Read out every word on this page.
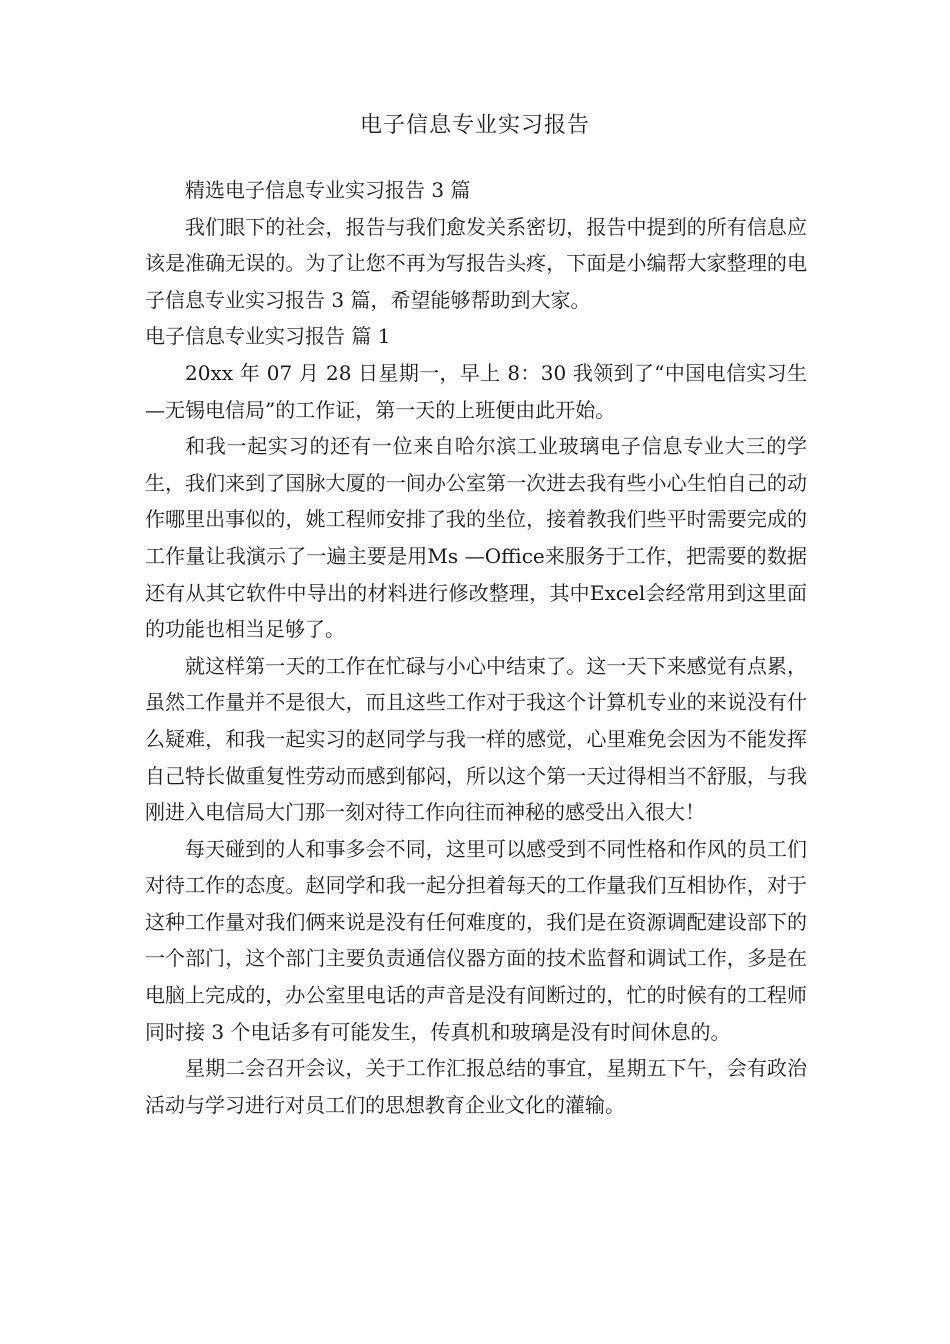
电子信息专业实习报告

精选电子信息专业实习报告 3 篇

我们眼下的社会，报告与我们愈发关系密切，报告中提到的所有信息应该是准确无误的。为了让您不再为写报告头疼，下面是小编帮大家整理的电子信息专业实习报告 3 篇，希望能够帮助到大家。

电子信息专业实习报告 篇 1

20xx 年 07 月 28 日星期一，早上 8：30 我领到了“中国电信实习生—无锡电信局”的工作证，第一天的上班便由此开始。

和我一起实习的还有一位来自哈尔滨工业玻璃电子信息专业大三的学生，我们来到了国脉大厦的一间办公室第一次进去我有些小心生怕自己的动作哪里出事似的，姚工程师安排了我的坐位，接着教我们些平时需要完成的工作量让我演示了一遍主要是用Ms —Office来服务于工作，把需要的数据还有从其它软件中导出的材料进行修改整理，其中Excel会经常用到这里面的功能也相当足够了。

就这样第一天的工作在忙碌与小心中结束了。这一天下来感觉有点累，虽然工作量并不是很大，而且这些工作对于我这个计算机专业的来说没有什么疑难，和我一起实习的赵同学与我一样的感觉，心里难免会因为不能发挥自己特长做重复性劳动而感到郁闷，所以这个第一天过得相当不舒服，与我刚进入电信局大门那一刻对待工作向往而神秘的感受出入很大！

每天碰到的人和事多会不同，这里可以感受到不同性格和作风的员工们对待工作的态度。赵同学和我一起分担着每天的工作量我们互相协作，对于这种工作量对我们俩来说是没有任何难度的，我们是在资源调配建设部下的一个部门，这个部门主要负责通信仪器方面的技术监督和调试工作，多是在电脑上完成的，办公室里电话的声音是没有间断过的，忙的时候有的工程师同时接 3 个电话多有可能发生，传真机和玻璃是没有时间休息的。

星期二会召开会议，关于工作汇报总结的事宜，星期五下午，会有政治活动与学习进行对员工们的思想教育企业文化的灌输。
